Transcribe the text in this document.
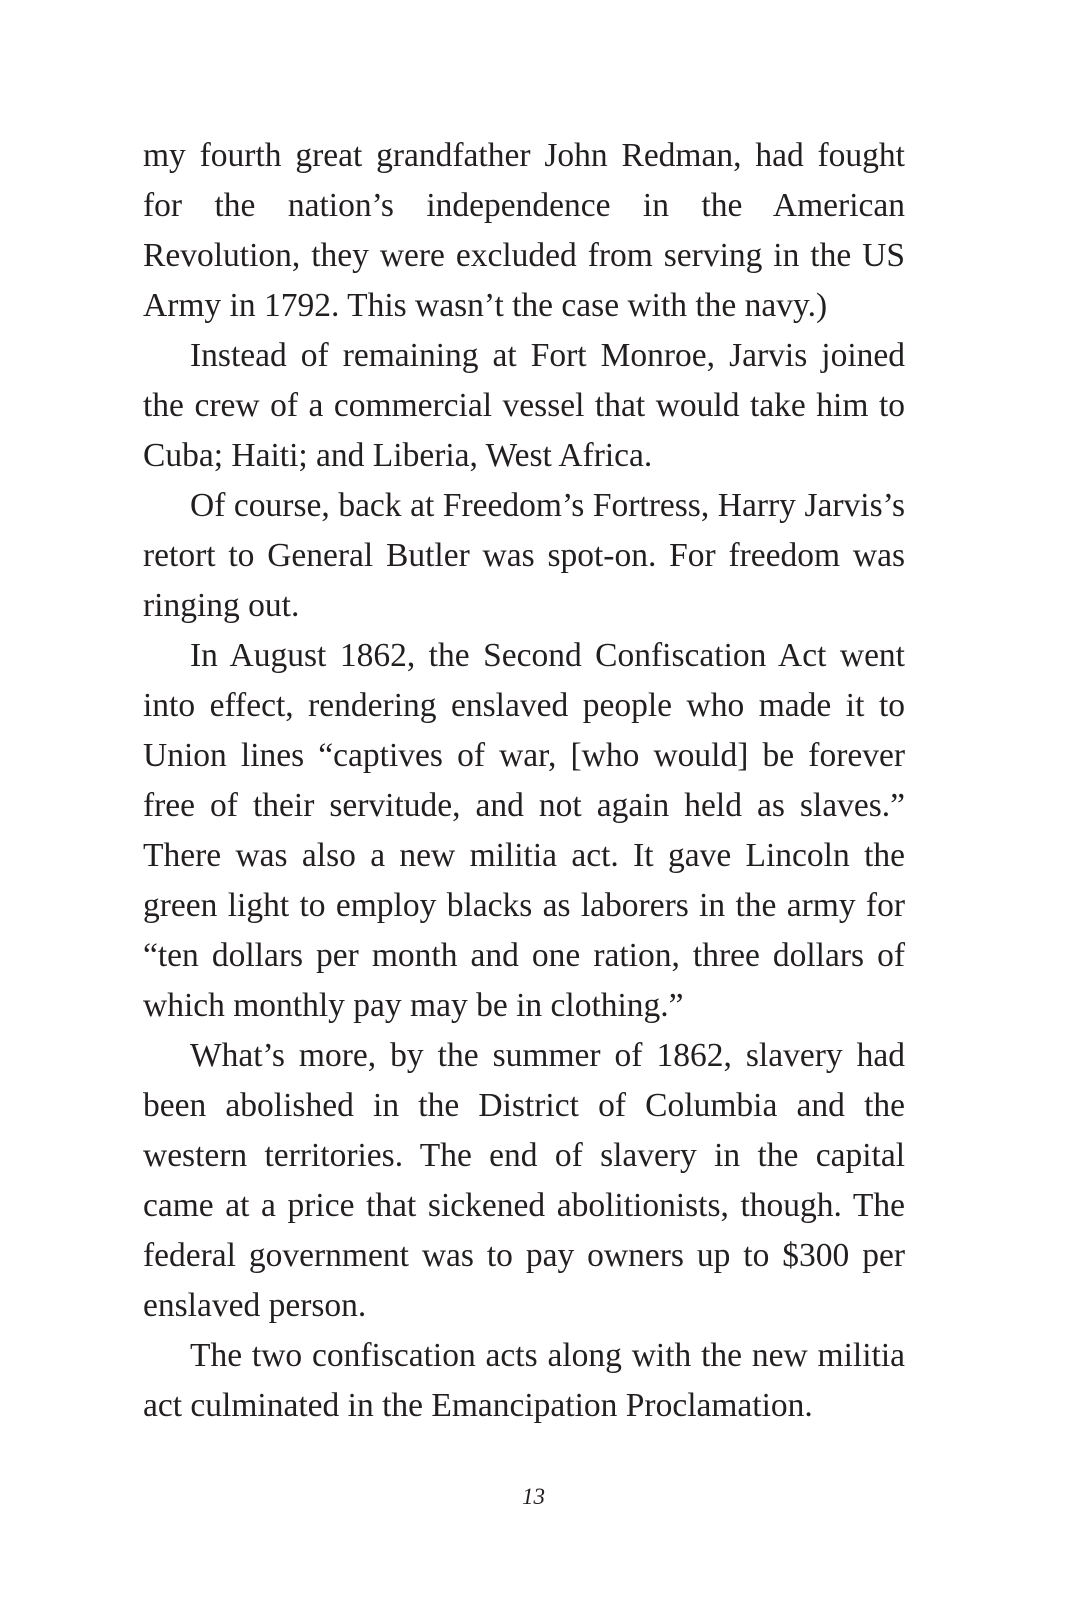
my fourth great grandfather John Redman, had fought for the nation’s independence in the American Revolution, they were excluded from serving in the US Army in 1792. This wasn’t the case with the navy.)

Instead of remaining at Fort Monroe, Jarvis joined the crew of a commercial vessel that would take him to Cuba; Haiti; and Liberia, West Africa.

Of course, back at Freedom’s Fortress, Harry Jarvis’s retort to General Butler was spot-on. For freedom was ringing out.

In August 1862, the Second Confiscation Act went into effect, rendering enslaved people who made it to Union lines “captives of war, [who would] be forever free of their servitude, and not again held as slaves.” There was also a new militia act. It gave Lincoln the green light to employ blacks as laborers in the army for “ten dollars per month and one ration, three dollars of which monthly pay may be in clothing.”

What’s more, by the summer of 1862, slavery had been abolished in the District of Columbia and the western territories. The end of slavery in the capital came at a price that sickened abolitionists, though. The federal government was to pay owners up to $300 per enslaved person.

The two confiscation acts along with the new militia act culminated in the Emancipation Proclamation.

13
